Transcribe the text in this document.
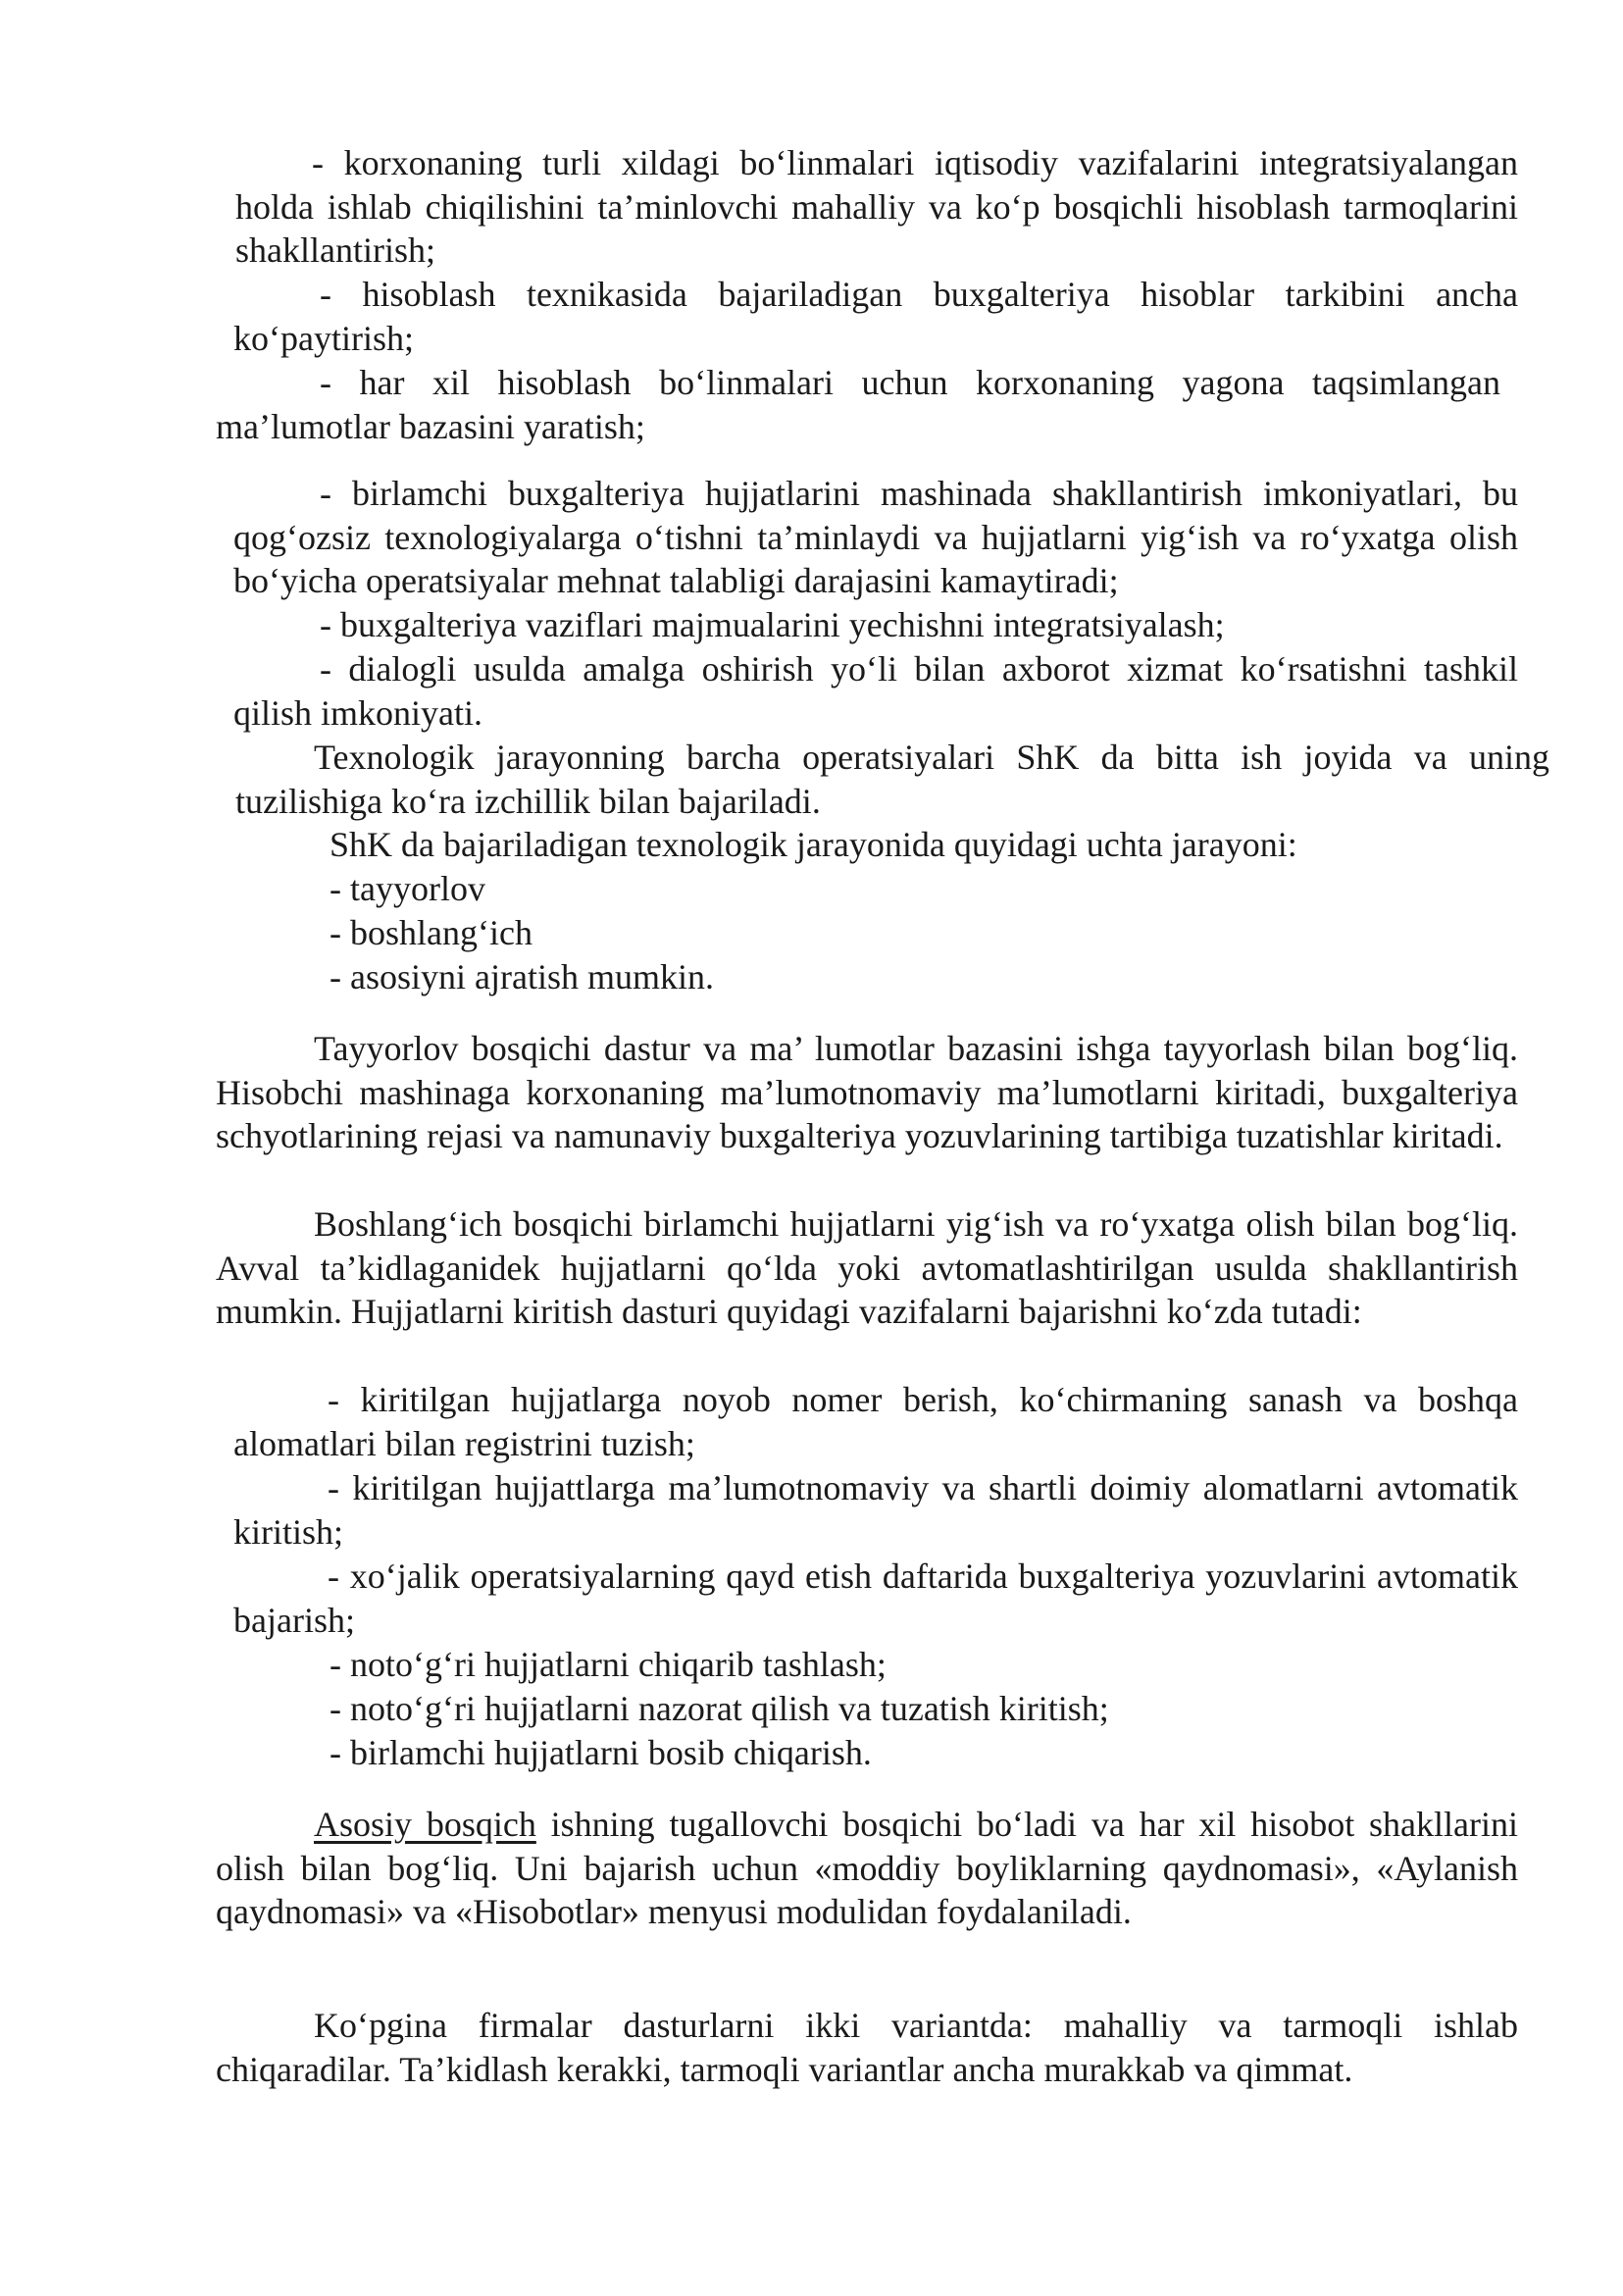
- korxonaning turli xildagi bo‘linmalari iqtisodiy vazifalarini integratsiyalangan holda ishlab chiqilishini ta’minlovchi mahalliy va ko‘p bosqichli hisoblash tarmoqlarini shakllantirish;

- hisoblash texnikasida bajariladigan buxgalteriya hisoblar tarkibini ancha ko‘paytirish;

- har xil hisoblash bo‘linmalari uchun korxonaning yagona taqsimlangan ma’lumotlar bazasini yaratish;

- birlamchi buxgalteriya hujjatlarini mashinada shakllantirish imkoniyatlari, bu qog‘ozsiz texnologiyalarga o‘tishni ta’minlaydi va hujjatlarni yig‘ish va ro‘yxatga olish bo‘yicha operatsiyalar mehnat talabligi darajasini kamaytiradi;

- buxgalteriya vaziflari majmualarini yechishni integratsiyalash;

- dialogli usulda amalga oshirish yo‘li bilan axborot xizmat ko‘rsatishni tashkil qilish imkoniyati.

Texnologik jarayonning barcha operatsiyalari ShK da bitta ish joyida va uning tuzilishiga ko‘ra izchillik bilan bajariladi.

ShK da bajariladigan texnologik jarayonida quyidagi uchta jarayoni:

- tayyorlov

- boshlang‘ich

- asosiyni ajratish mumkin.

Tayyorlov bosqichi dastur va ma’ lumotlar bazasini ishga tayyorlash bilan bog‘liq. Hisobchi mashinaga korxonaning ma’lumotnomaviy ma’lumotlarni kiritadi, buxgalteriya schyotlarining rejasi va namunaviy buxgalteriya yozuvlarining tartibiga tuzatishlar kiritadi.

Boshlang‘ich bosqichi birlamchi hujjatlarni yig‘ish va ro‘yxatga olish bilan bog‘liq. Avval ta’kidlaganidek hujjatlarni qo‘lda yoki avtomatlashtirilgan usulda shakllantirish mumkin. Hujjatlarni kiritish dasturi quyidagi vazifalarni bajarishni ko‘zda tutadi:

- kiritilgan hujjatlarga noyob nomer berish, ko‘chirmaning sanash va boshqa alomatlari bilan registrini tuzish;

- kiritilgan hujjattlarga ma’lumotnomaviy va shartli doimiy alomatlarni avtomatik kiritish;

- xo‘jalik operatsiyalarning qayd etish daftarida buxgalteriya yozuvlarini avtomatik bajarish;

- noto‘g‘ri hujjatlarni chiqarib tashlash;

- noto‘g‘ri hujjatlarni nazorat qilish va tuzatish kiritish;

- birlamchi hujjatlarni bosib chiqarish.

Asosiy bosqich ishning tugallovchi bosqichi bo‘ladi va har xil hisobot shakllarini olish bilan bog‘liq. Uni bajarish uchun «moddiy boyliklarning qaydnomasi», «Aylanish qaydnomasi» va «Hisobotlar» menyusi modulidan foydalaniladi.

Ko‘pgina firmalar dasturlarni ikki variantda: mahalliy va tarmoqli ishlab chiqaradilar. Ta’kidlash kerakki, tarmoqli variantlar ancha murakkab va qimmat.
